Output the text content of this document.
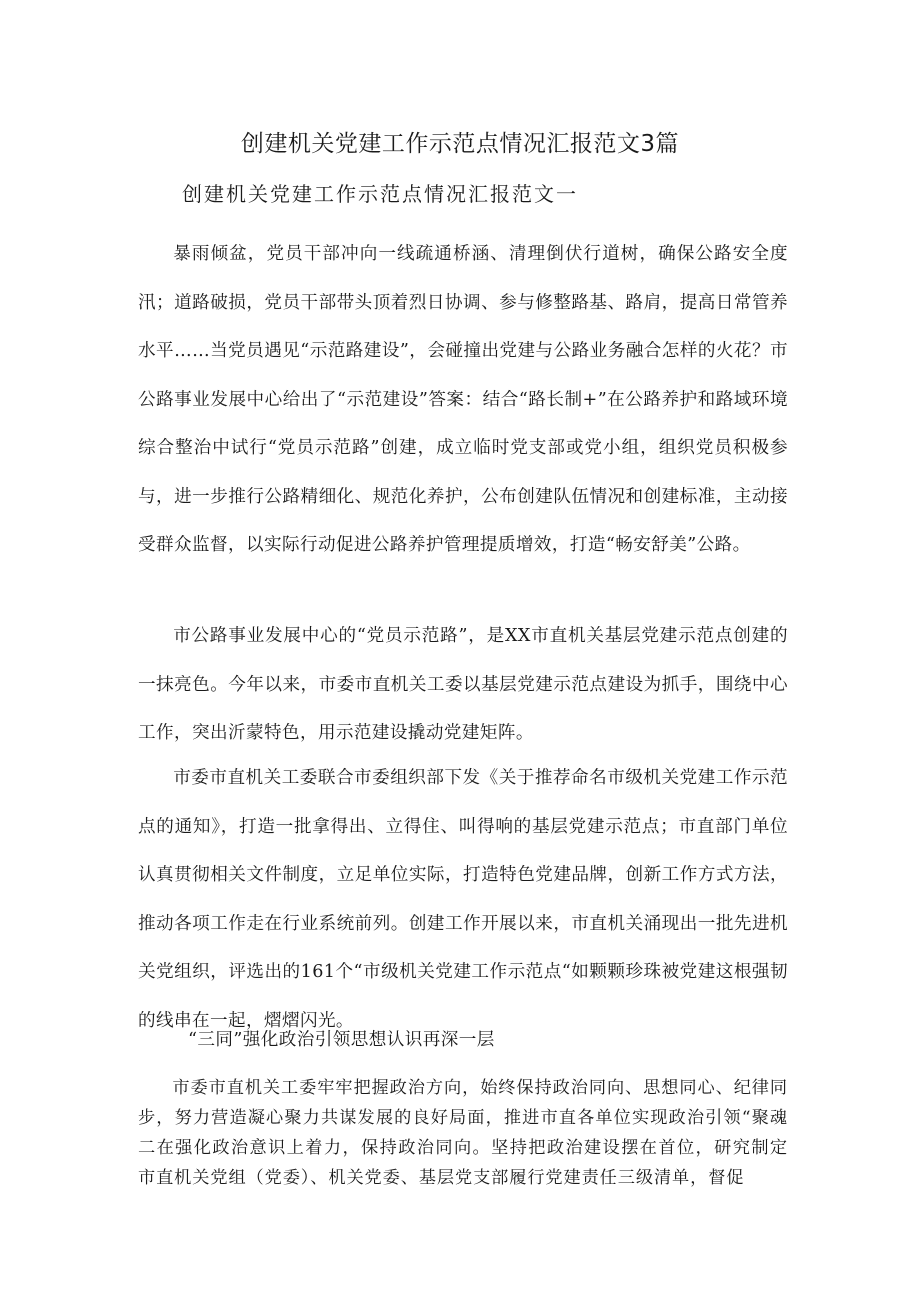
创建机关党建工作示范点情况汇报范文3篇
创建机关党建工作示范点情况汇报范文一

暴雨倾盆，党员干部冲向一线疏通桥涵、清理倒伏行道树，确保公路安全度汛；道路破损，党员干部带头顶着烈日协调、参与修整路基、路肩，提高日常管养水平……当党员遇见“示范路建设”，会碰撞出党建与公路业务融合怎样的火花？市公路事业发展中心给出了“示范建设”答案：结合“路长制+”在公路养护和路域环境综合整治中试行“党员示范路”创建，成立临时党支部或党小组，组织党员积极参与，进一步推行公路精细化、规范化养护，公布创建队伍情况和创建标准，主动接受群众监督，以实际行动促进公路养护管理提质增效，打造“畅安舒美”公路。

市公路事业发展中心的“党员示范路”，是XX市直机关基层党建示范点创建的一抹亮色。今年以来，市委市直机关工委以基层党建示范点建设为抓手，围绕中心工作，突出沂蒙特色，用示范建设撬动党建矩阵。

市委市直机关工委联合市委组织部下发《关于推荐命名市级机关党建工作示范点的通知》，打造一批拿得出、立得住、叫得响的基层党建示范点；市直部门单位认真贯彻相关文件制度，立足单位实际，打造特色党建品牌，创新工作方式方法，推动各项工作走在行业系统前列。创建工作开展以来，市直机关涌现出一批先进机关党组织，评选出的161个“市级机关党建工作示范点“如颗颗珍珠被党建这根强韧的线串在一起，熠熠闪光。

“三同”强化政治引领思想认识再深一层

市委市直机关工委牢牢把握政治方向，始终保持政治同向、思想同心、纪律同步，努力营造凝心聚力共谋发展的良好局面，推进市直各单位实现政治引领“聚魂二在强化政治意识上着力，保持政治同向。坚持把政治建设摆在首位，研究制定市直机关党组（党委）、机关党委、基层党支部履行党建责任三级清单，督促
